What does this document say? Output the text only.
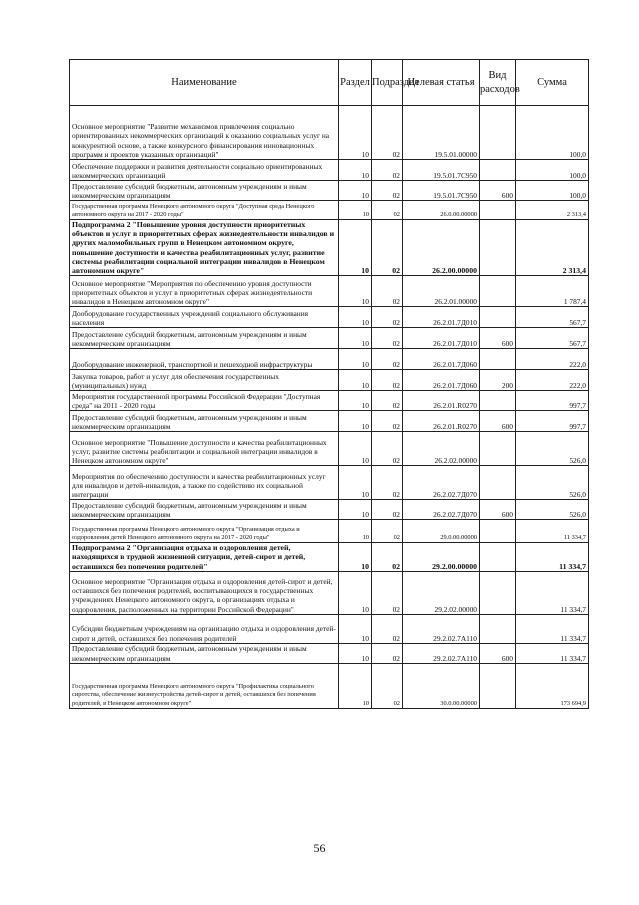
Наименование	Раздел	Подраздел	Целевая статья	Вид расходов	Сумма
Основное мероприятие "Развитие механизмов привлечения социально ориентированных некоммерческих организаций к оказанию социальных услуг на конкурентной основе, а также конкурсного финансирования инновационных программ и проектов указанных организаций"	10	02	19.5.01.00000		100,0
Обеспечение поддержки и развития деятельности социально ориентированных некоммерческих организаций	10	02	19.5.01.7С950		100,0
Предоставление субсидий бюджетным, автономным учреждениям и иным некоммерческим организациям	10	02	19.5.01.7С950	600	100,0
Государственная программа Ненецкого автономного округа "Доступная среда Ненецкого автономного округа на 2017 - 2020 годы"	10	02	26.0.00.00000		2 313,4
Подпрограмма 2 "Повышение уровня доступности приоритетных объектов и услуг в приоритетных сферах жизнедеятельности инвалидов и других маломобильных групп в Ненецком автономном округе, повышение доступности и качества реабилитационных услуг, развитие системы реабилитации социальной интеграции инвалидов в Ненецком автономном округе"	10	02	26.2.00.00000		2 313,4
Основное мероприятие "Мероприятия по обеспечению уровня доступности приоритетных объектов и услуг в приоритетных сферах жизнедеятельности инвалидов в Ненецком автономном округе"	10	02	26.2.01.00000		1 787,4
Дооборудование государственных учреждений социального обслуживания населения	10	02	26.2.01.7Д010		567,7
Предоставление субсидий бюджетным, автономным учреждениям и иным некоммерческим организациям	10	02	26.2.01.7Д010	600	567,7
Дооборудование инженерной, транспортной и пешеходной инфраструктуры	10	02	26.2.01.7Д060		222,0
Закупка товаров, работ и услуг для обеспечения государственных (муниципальных) нужд	10	02	26.2.01.7Д060	200	222,0
Мероприятия государственной программы Российской Федерации "Доступная среда" на 2011 - 2020 годы	10	02	26.2.01.R0270		997,7
Предоставление субсидий бюджетным, автономным учреждениям и иным некоммерческим организациям	10	02	26.2.01.R0270	600	997,7
Основное мероприятие "Повышение доступности и качества реабилитационных услуг, развитие системы реабилитации и социальной интеграции инвалидов в Ненецком автономном округе"	10	02	26.2.02.00000		526,0
Мероприятия по обеспечению доступности и качества реабилитационных услуг для инвалидов и детей-инвалидов, а также по содействию их социальной интеграции	10	02	26.2.02.7Д070		526,0
Предоставление субсидий бюджетным, автономным учреждениям и иным некоммерческим организациям	10	02	26.2.02.7Д070	600	526,0
Государственная программа Ненецкого автономного округа "Организация отдыха и оздоровления детей Ненецкого автономного округа на 2017 - 2020 годы"	10	02	29.0.00.00000		11 334,7
Подпрограмма 2 "Организация отдыха и оздоровления детей, находящихся в трудной жизненной ситуации, детей-сирот и детей, оставшихся без попечения родителей"	10	02	29.2.00.00000		11 334,7
Основное мероприятие "Организация отдыха и оздоровления детей-сирот и детей, оставшихся без попечения родителей, воспитывающихся в государственных учреждениях Ненецкого автономного округа, в организациях отдыха и оздоровления, расположенных на территории Российской Федерации"	10	02	29.2.02.00000		11 334,7
Субсидии бюджетным учреждениям на организацию отдыха и оздоровления детей-сирот и детей, оставшихся без попечения родителей	10	02	29.2.02.7А110		11 334,7
Предоставление субсидий бюджетным, автономным учреждениям и иным некоммерческим организациям	10	02	29.2.02.7А110	600	11 334,7
Государственная программа Ненецкого автономного округа "Профилактика социального сиротства, обеспечение жизнеустройства детей-сирот и детей, оставшихся без попечения родителей, в Ненецком автономном округе"	10	02	30.0.00.00000		173 694,9
56
